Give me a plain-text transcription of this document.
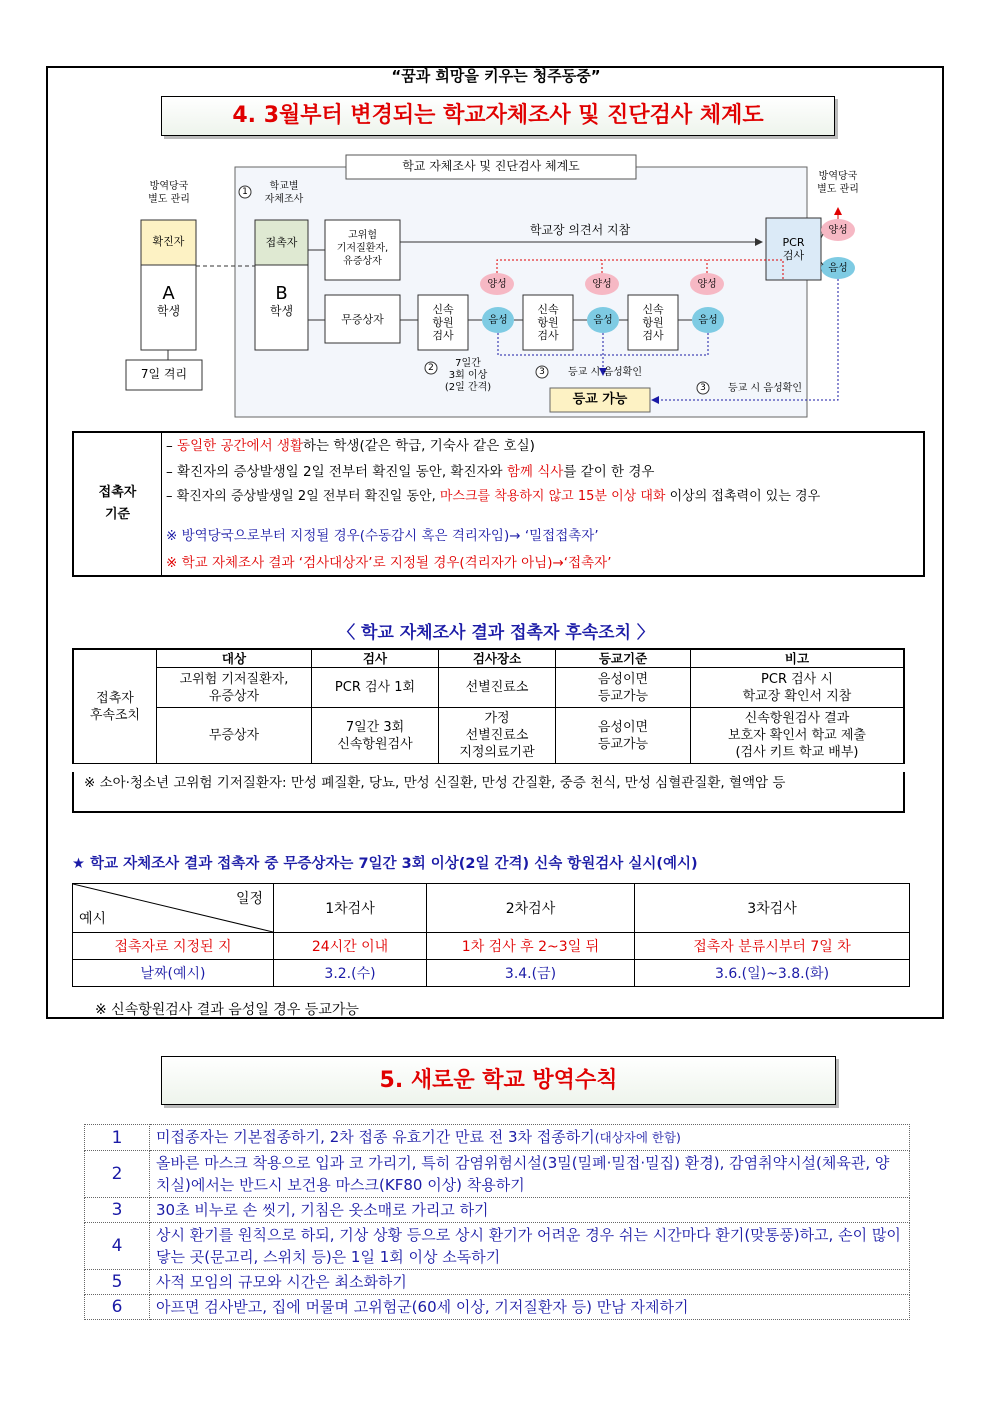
“꿈과 희망을 키우는 청주동중”
4. 3월부터 변경되는 학교자체조사 및 진단검사 체계도
학교 자체조사 및 진단검사 체계도
방역당국
별도 관리
1	학교별
자체조사
확진자
A
학생
7일 격리
접촉자
B
학생
고위험
기저질환자,
유증상자
학교장 의견서 지참
PCR
검사
방역당국
별도 관리
양성
음성
무증상자
신속
항원
검사
신속
항원
검사
신속
항원
검사
양성	양성	양성
음성	음성	음성
2	7일간
3회 이상
(2일 간격)
3	등교 시 음성확인
3	등교 시 음성확인
등교 가능
접촉자
기준
– 동일한 공간에서 생활하는 학생(같은 학급, 기숙사 같은 호실)
– 확진자의 증상발생일 2일 전부터 확진일 동안, 확진자와 함께 식사를 같이 한 경우
– 확진자의 증상발생일 2일 전부터 확진일 동안, 마스크를 착용하지 않고 15분 이상 대화 이상의 접촉력이 있는 경우
※ 방역당국으로부터 지정될 경우(수동감시 혹은 격리자임)→ ‘밀접접촉자’
※ 학교 자체조사 결과 ‘검사대상자’로 지정될 경우(격리자가 아님)→‘접촉자’
〈 학교 자체조사 결과 접촉자 후속조치 〉
접촉자
후속조치	대상	검사	검사장소	등교기준	비고
	고위험 기저질환자,
유증상자	PCR 검사 1회	선별진료소	음성이면
등교가능	PCR 검사 시
학교장 확인서 지참
	무증상자	7일간 3회
신속항원검사	가정
선별진료소
지정의료기관	음성이면
등교가능	신속항원검사 결과
보호자 확인서 학교 제출
(검사 키트 학교 배부)
※ 소아·청소년 고위험 기저질환자: 만성 폐질환, 당뇨, 만성 신질환, 만성 간질환, 중증 천식, 만성 심혈관질환, 혈액암 등
★ 학교 자체조사 결과 접촉자 중 무증상자는 7일간 3회 이상(2일 간격) 신속 항원검사 실시(예시)
일정
예시	1차검사	2차검사	3차검사
접촉자로 지정된 지	24시간 이내	1차 검사 후 2~3일 뒤	접촉자 분류시부터 7일 차
날짜(예시)	3.2.(수)	3.4.(금)	3.6.(일)~3.8.(화)
※ 신속항원검사 결과 음성일 경우 등교가능
5. 새로운 학교 방역수칙
1	미접종자는 기본접종하기, 2차 접종 유효기간 만료 전 3차 접종하기(대상자에 한함)
2	올바른 마스크 착용으로 입과 코 가리기, 특히 감염위험시설(3밀(밀폐·밀접·밀집) 환경), 감염취약시설(체육관, 양치실)에서는 반드시 보건용 마스크(KF80 이상) 착용하기
3	30초 비누로 손 씻기, 기침은 옷소매로 가리고 하기
4	상시 환기를 원칙으로 하되, 기상 상황 등으로 상시 환기가 어려운 경우 쉬는 시간마다 환기(맞통풍)하고, 손이 많이 닿는 곳(문고리, 스위치 등)은 1일 1회 이상 소독하기
5	사적 모임의 규모와 시간은 최소화하기
6	아프면 검사받고, 집에 머물며 고위험군(60세 이상, 기저질환자 등) 만남 자제하기
